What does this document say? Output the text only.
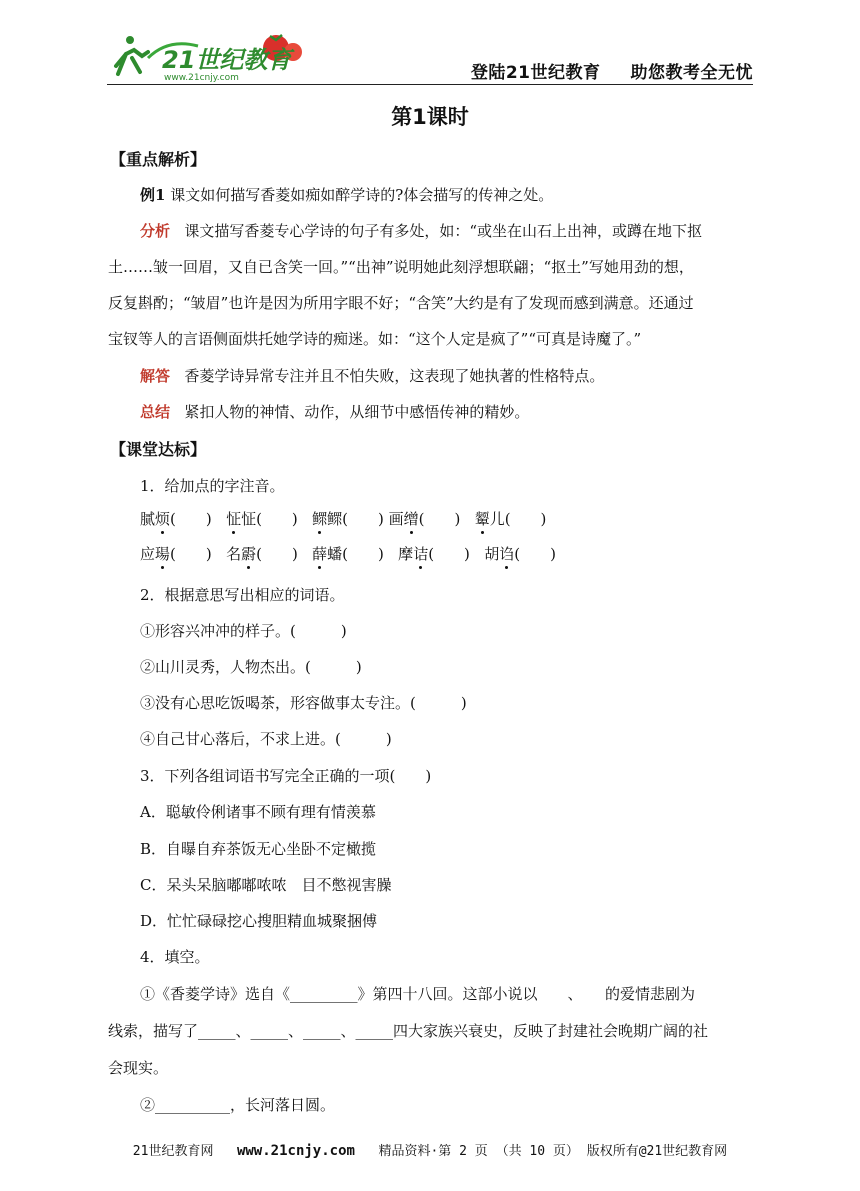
21世纪教育
www.21cnjy.com	登陆21世纪教育 助您教考全无忧
第1课时
【重点解析】
例1 课文如何描写香菱如痴如醉学诗的?体会描写的传神之处。
分析 课文描写香菱专心学诗的句子有多处，如：“或坐在山石上出神，或蹲在地下抠
土……皱一回眉，又自已含笑一回。”“出神”说明她此刻浮想联翩；“抠土”写她用劲的想，
反复斟酌；“皱眉”也许是因为所用字眼不好；“含笑”大约是有了发现而感到满意。还通过
宝钗等人的言语侧面烘托她学诗的痴迷。如：“这个人定是疯了”“可真是诗魔了。”
解答 香菱学诗异常专注并且不怕失败，这表现了她执著的性格特点。
总结 紧扣人物的神情、动作，从细节中感悟传神的精妙。
【课堂达标】
1．给加点的字注音。
腻烦(　　) 怔怔(　　) 鳏鳏(　　) 画缯(　　) 颦儿(　　)
应瑒(　　) 名霨(　　) 薛蟠(　　) 摩诘(　　) 胡诌(　　)
2．根据意思写出相应的词语。
①形容兴冲冲的样子。(　　　)
②山川灵秀，人物杰出。(　　　)
③没有心思吃饭喝茶，形容做事太专注。(　　　)
④自己甘心落后，不求上进。(　　　)
3．下列各组词语书写完全正确的一项(　　)
A．聪敏伶俐诸事不顾有理有情羡慕
B．自曝自弃茶饭无心坐卧不定橄揽
C．呆头呆脑嘟嘟哝哝　目不憋视害臊
D．忙忙碌碌挖心搜胆精血城聚捆傅
4．填空。
①《香菱学诗》选自《_________》第四十八回。这部小说以　　、　　的爱情悲剧为
线索，描写了_____、_____、_____、_____四大家族兴衰史，反映了封建社会晚期广阔的社
会现实。
②__________，长河落日圆。
21世纪教育网 www.21cnjy.com 精品资料·第 2 页 （共 10 页） 版权所有@21世纪教育网
